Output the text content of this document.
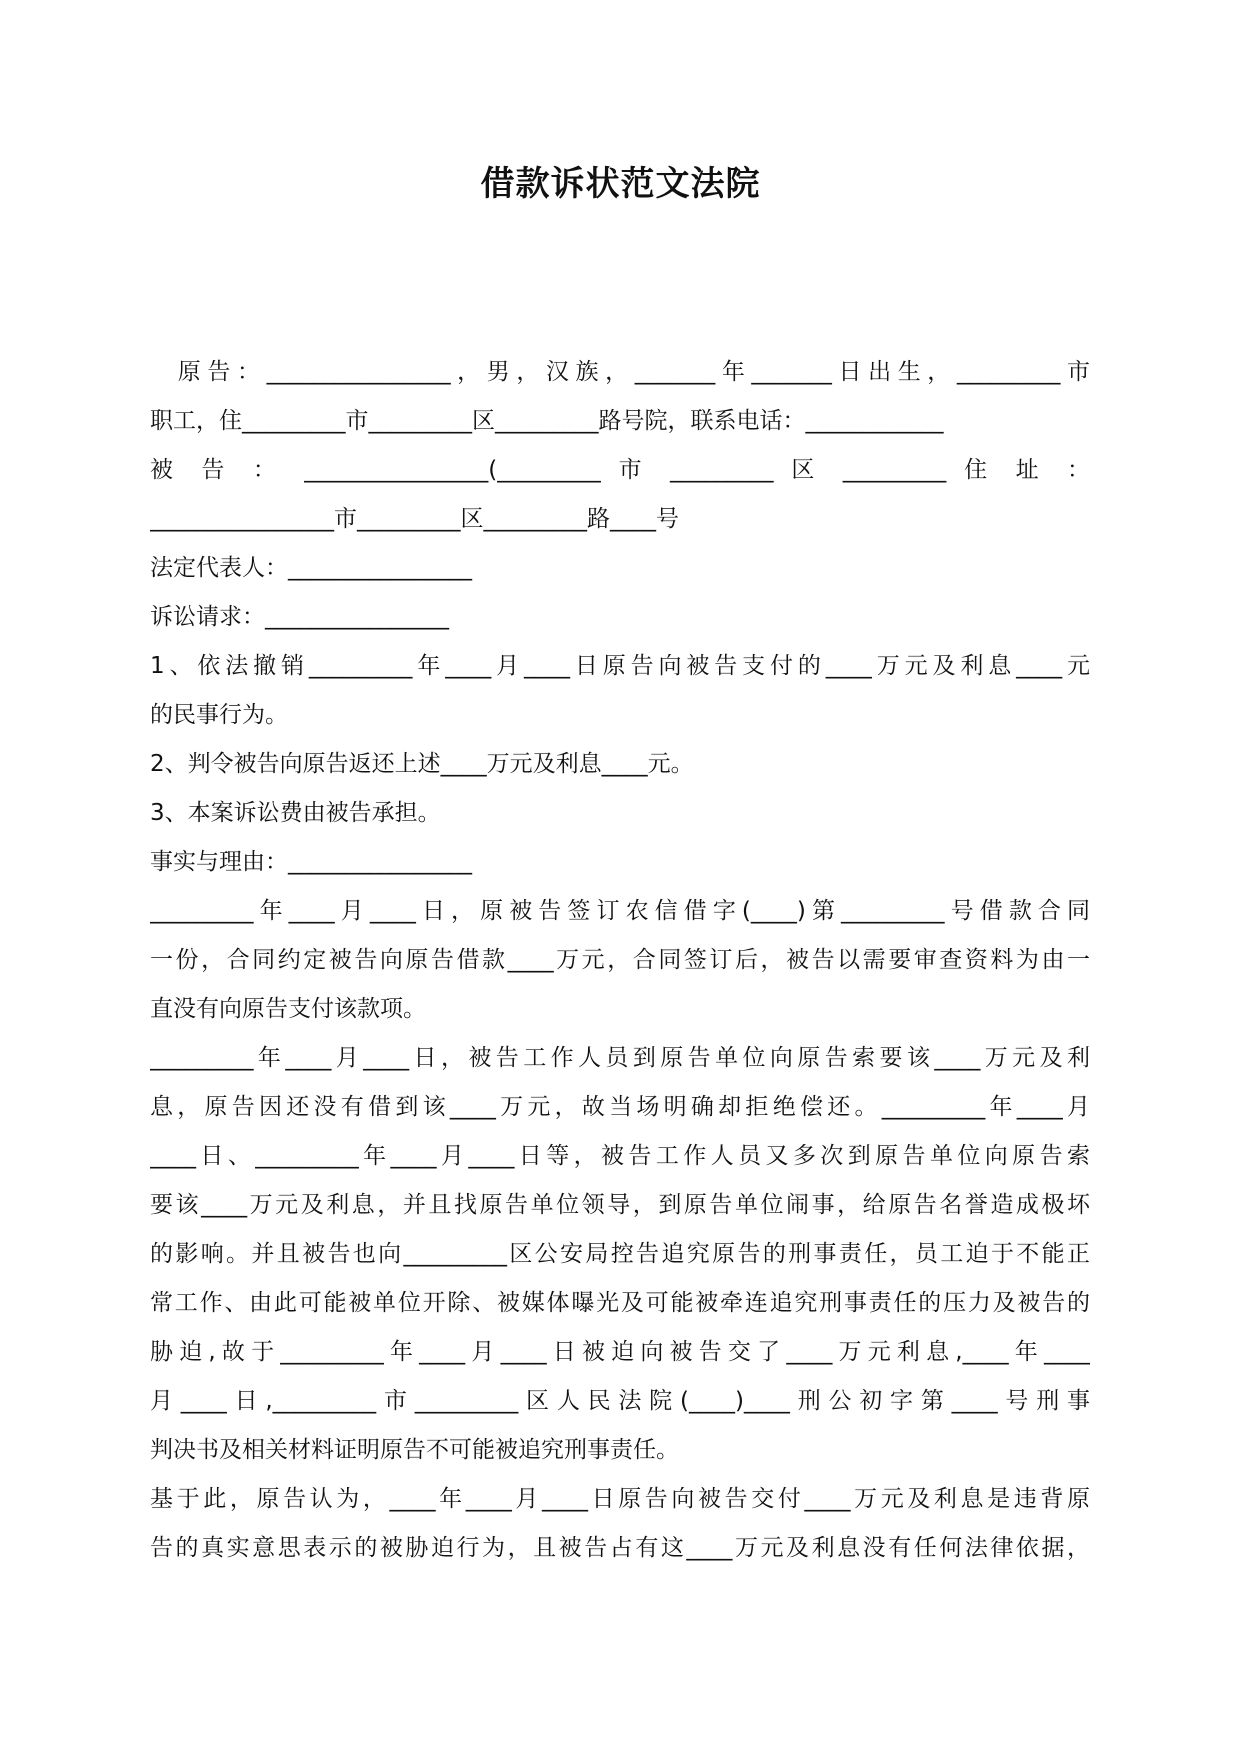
借款诉状范文法院
原告：________________，男，汉族，_______年_______日出生，_________市
职工，住_________市_________区_________路号院，联系电话：____________
被 告 ： ________________(_________ 市 _________ 区 _________ 住 址 ：
________________市_________区_________路____号
法定代表人：________________
诉讼请求：________________
1、依法撤销_________年____月____日原告向被告支付的____万元及利息____元
的民事行为。
2、判令被告向原告返还上述____万元及利息____元。
3、本案诉讼费由被告承担。
事实与理由：________________
_________年____月____日，原被告签订农信借字(____)第_________号借款合同
一份，合同约定被告向原告借款____万元，合同签订后，被告以需要审查资料为由一
直没有向原告支付该款项。
_________年____月____日，被告工作人员到原告单位向原告索要该____万元及利
息，原告因还没有借到该____万元，故当场明确却拒绝偿还。_________年____月
____日、_________年____月____日等，被告工作人员又多次到原告单位向原告索
要该____万元及利息，并且找原告单位领导，到原告单位闹事，给原告名誉造成极坏
的影响。并且被告也向_________区公安局控告追究原告的刑事责任，员工迫于不能正
常工作、由此可能被单位开除、被媒体曝光及可能被牵连追究刑事责任的压力及被告的
胁迫,故于_________年____月____日被迫向被告交了____万元利息,____年____
月____日,_________市_________区人民法院(____)____刑公初字第____号刑事
判决书及相关材料证明原告不可能被追究刑事责任。
基于此，原告认为，____年____月____日原告向被告交付____万元及利息是违背原
告的真实意思表示的被胁迫行为，且被告占有这____万元及利息没有任何法律依据，
